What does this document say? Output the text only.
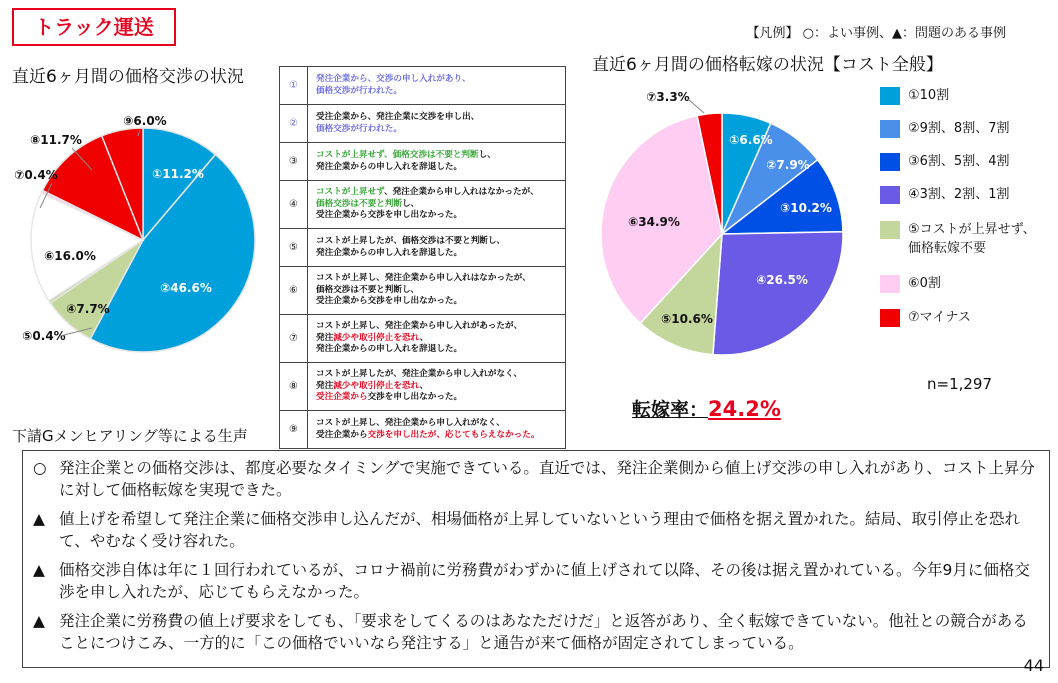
トラック運送	【凡例】 ○：よい事例、▲：問題のある事例
直近6ヶ月間の価格交渉の状況
直近6ヶ月間の価格転嫁の状況【コスト全般】
①11.2%
②46.6%
④7.7%
⑤0.4%
⑥16.0%
⑦0.4%
⑧11.7%
⑨6.0%
①	発注企業から、交渉の申し入れがあり、
価格交渉が行われた。
②	受注企業から、発注企業に交渉を申し出、
価格交渉が行われた。
③	コストが上昇せず、価格交渉は不要と判断し、
発注企業からの申し入れを辞退した。
④	コストが上昇せず、発注企業から申し入れはなかったが、
価格交渉は不要と判断し、
受注企業から交渉を申し出なかった。
⑤	コストが上昇したが、価格交渉は不要と判断し、
発注企業からの申し入れを辞退した。
⑥	コストが上昇し、発注企業から申し入れはなかったが、
価格交渉は不要と判断し、
受注企業から交渉を申し出なかった。
⑦	コストが上昇し、発注企業から申し入れがあったが、
発注減少や取引停止を恐れ、
発注企業からの申し入れを辞退した。
⑧	コストが上昇したが、発注企業から申し入れがなく、
発注減少や取引停止を恐れ、
受注企業から交渉を申し出なかった。
⑨	コストが上昇し、発注企業から申し入れがなく、
受注企業から交渉を申し出たが、応じてもらえなかった。
①6.6%
②7.9%
③10.2%
④26.5%
⑤10.6%
⑥34.9%
⑦3.3%	①10割
②9割、8割、7割
③6割、5割、4割
④3割、2割、1割
⑤コストが上昇せず、
価格転嫁不要
⑥0割
⑦マイナス
n=1,297
転嫁率：24.2%
下請Gメンヒアリング等による生声
○ 発注企業との価格交渉は、都度必要なタイミングで実施できている。直近では、発注企業側から値上げ交渉の申し入れがあり、コスト上昇分に対して価格転嫁を実現できた。
▲ 値上げを希望して発注企業に価格交渉申し込んだが、相場価格が上昇していないという理由で価格を据え置かれた。結局、取引停止を恐れて、やむなく受け容れた。
▲ 価格交渉自体は年に１回行われているが、コロナ禍前に労務費がわずかに値上げされて以降、その後は据え置かれている。今年9月に価格交渉を申し入れたが、応じてもらえなかった。
▲ 発注企業に労務費の値上げ要求をしても、「要求をしてくるのはあなただけだ」と返答があり、全く転嫁できていない。他社との競合があることにつけこみ、一方的に「この価格でいいなら発注する」と通告が来て価格が固定されてしまっている。
44
